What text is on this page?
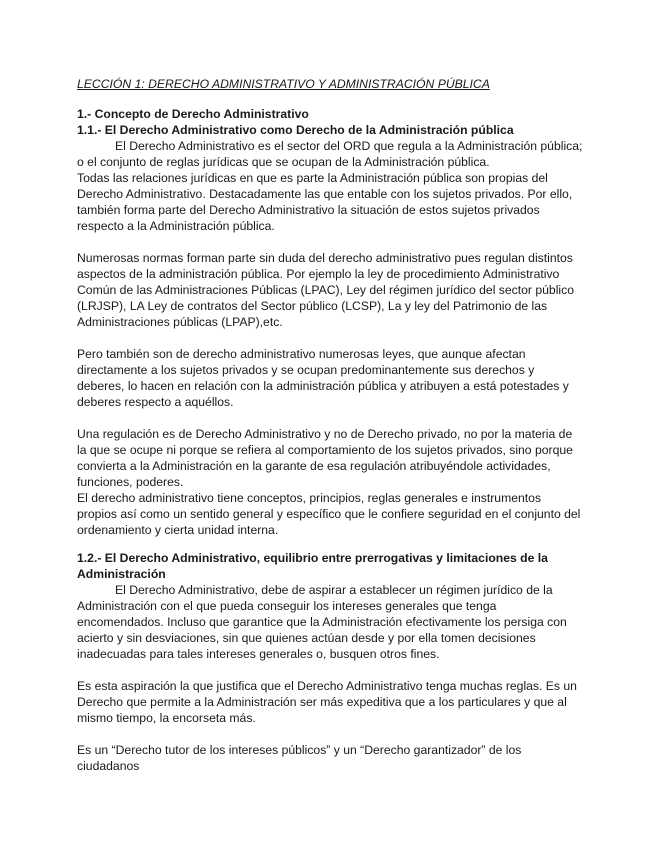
LECCIÓN 1: DERECHO ADMINISTRATIVO Y ADMINISTRACIÓN PÚBLICA
1.- Concepto de Derecho Administrativo
1.1.- El Derecho Administrativo como Derecho de la Administración pública

El Derecho Administrativo es el sector del ORD que regula a la Administración pública; o el conjunto de reglas jurídicas que se ocupan de la Administración pública.

Todas las relaciones jurídicas en que es parte la Administración pública son propias del Derecho Administrativo. Destacadamente las que entable con los sujetos privados. Por ello, también forma parte del Derecho Administrativo la situación de estos sujetos privados respecto a la Administración pública.

Numerosas normas forman parte sin duda del derecho administrativo pues regulan distintos aspectos de la administración pública. Por ejemplo la ley de procedimiento Administrativo Común de las Administraciones Públicas (LPAC), Ley del régimen jurídico del sector público (LRJSP), LA Ley de contratos del Sector público (LCSP), La y ley del Patrimonio de las Administraciones públicas (LPAP),etc.

Pero también son de derecho administrativo numerosas leyes, que aunque afectan directamente a los sujetos privados y se ocupan predominantemente sus derechos y deberes, lo hacen en relación con la administración pública y atribuyen a está potestades y deberes respecto a aquéllos.

Una regulación es de Derecho Administrativo y no de Derecho privado, no por la materia de la que se ocupe ni porque se refiera al comportamiento de los sujetos privados, sino porque convierta a la Administración en la garante de esa regulación atribuyéndole actividades, funciones, poderes.

El derecho administrativo tiene conceptos, principios, reglas generales e instrumentos propios así como un sentido general y específico que le confiere seguridad en el conjunto del ordenamiento y cierta unidad interna.

1.2.- El Derecho Administrativo, equilibrio entre prerrogativas y limitaciones de la Administración

El Derecho Administrativo, debe de aspirar a establecer un régimen jurídico de la Administración con el que pueda conseguir los intereses generales que tenga encomendados. Incluso que garantice que la Administración efectivamente los persiga con acierto y sin desviaciones, sin que quienes actúan desde y por ella tomen decisiones inadecuadas para tales intereses generales o, busquen otros fines.

Es esta aspiración la que justifica que el Derecho Administrativo tenga muchas reglas. Es un Derecho que permite a la Administración ser más expeditiva que a los particulares y que al mismo tiempo, la encorseta más.

Es un “Derecho tutor de los intereses públicos” y un “Derecho garantizador” de los ciudadanos
